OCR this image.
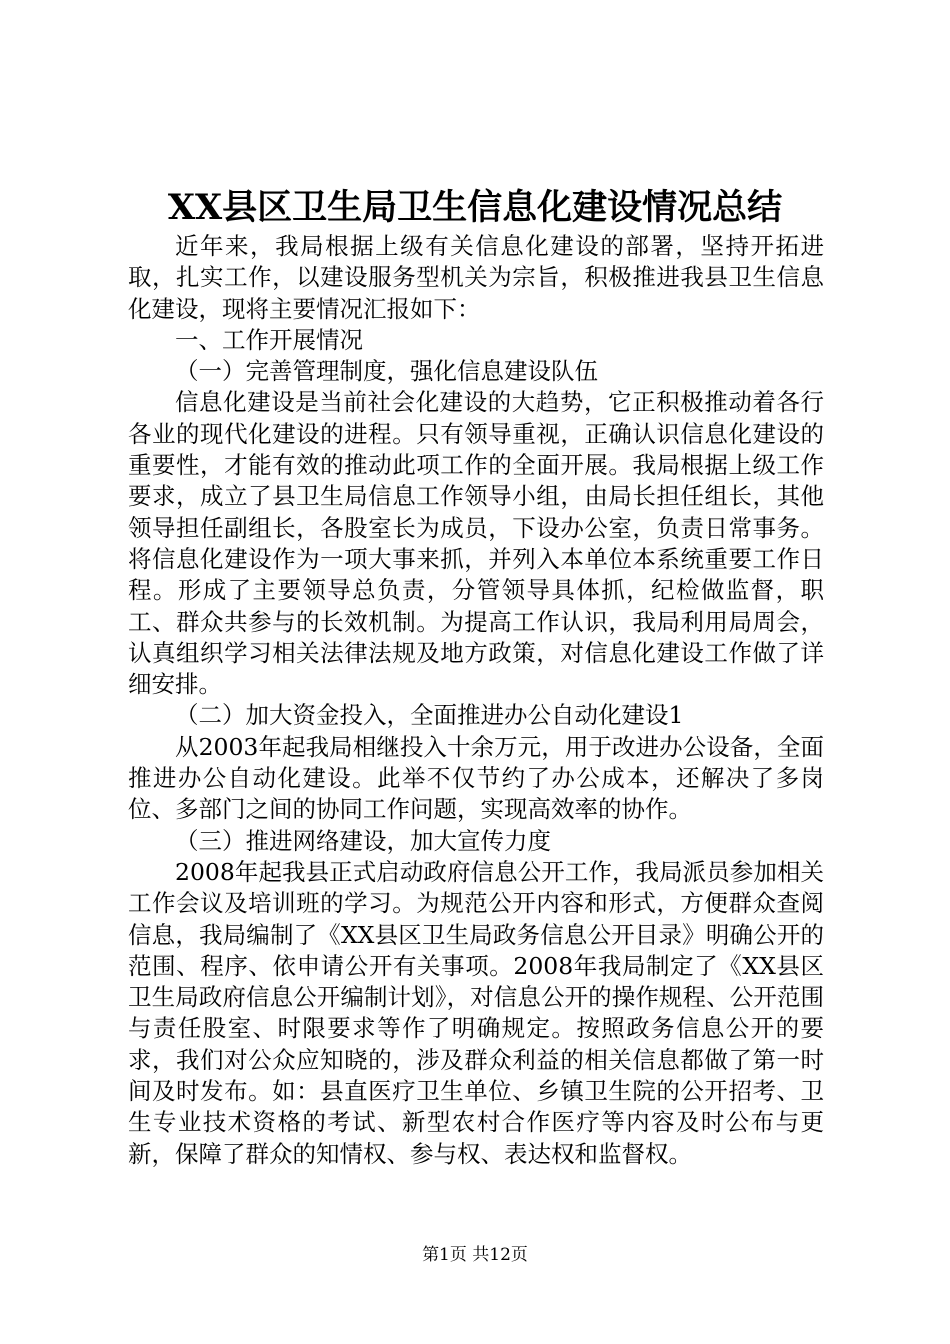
XX县区卫生局卫生信息化建设情况总结

近年来，我局根据上级有关信息化建设的部署，坚持开拓进取，扎实工作，以建设服务型机关为宗旨，积极推进我县卫生信息化建设，现将主要情况汇报如下：

一、工作开展情况

（一）完善管理制度，强化信息建设队伍

信息化建设是当前社会化建设的大趋势，它正积极推动着各行各业的现代化建设的进程。只有领导重视，正确认识信息化建设的重要性，才能有效的推动此项工作的全面开展。我局根据上级工作要求，成立了县卫生局信息工作领导小组，由局长担任组长，其他领导担任副组长，各股室长为成员，下设办公室，负责日常事务。将信息化建设作为一项大事来抓，并列入本单位本系统重要工作日程。形成了主要领导总负责，分管领导具体抓，纪检做监督，职工、群众共参与的长效机制。为提高工作认识，我局利用局周会，认真组织学习相关法律法规及地方政策，对信息化建设工作做了详细安排。

（二）加大资金投入，全面推进办公自动化建设1

从2003年起我局相继投入十余万元，用于改进办公设备，全面推进办公自动化建设。此举不仅节约了办公成本，还解决了多岗位、多部门之间的协同工作问题，实现高效率的协作。

（三）推进网络建设，加大宣传力度

2008年起我县正式启动政府信息公开工作，我局派员参加相关工作会议及培训班的学习。为规范公开内容和形式，方便群众查阅信息，我局编制了《XX县区卫生局政务信息公开目录》明确公开的范围、程序、依申请公开有关事项。2008年我局制定了《XX县区卫生局政府信息公开编制计划》，对信息公开的操作规程、公开范围与责任股室、时限要求等作了明确规定。按照政务信息公开的要求，我们对公众应知晓的，涉及群众利益的相关信息都做了第一时间及时发布。如：县直医疗卫生单位、乡镇卫生院的公开招考、卫生专业技术资格的考试、新型农村合作医疗等内容及时公布与更新，保障了群众的知情权、参与权、表达权和监督权。

第1页 共12页
